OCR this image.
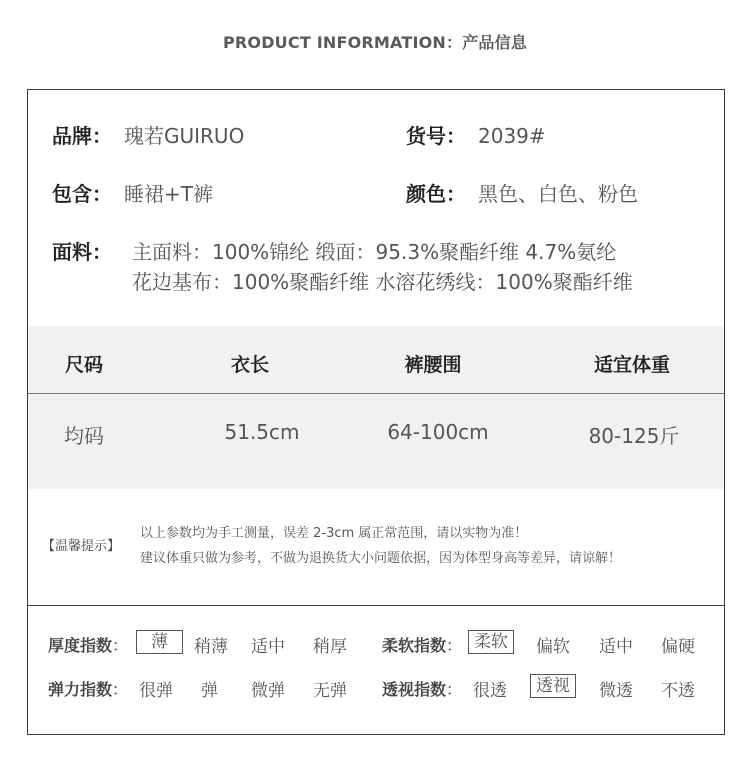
PRODUCT INFORMATION：产品信息
品牌： 瑰若GUIRUO	货号： 2039#
包含： 睡裙+T裤	颜色： 黑色、白色、粉色
面料： 主面料：100%锦纶 缎面：95.3%聚酯纤维 4.7%氨纶
花边基布：100%聚酯纤维 水溶花绣线：100%聚酯纤维
尺码	衣长	裤腰围	适宜体重
均码	51.5cm	64-100cm	80-125斤
【温馨提示】
以上参数均为手工测量，误差 2-3cm 属正常范围，请以实物为准！
建议体重只做为参考，不做为退换货大小问题依据，因为体型身高等差异，请谅解！
厚度指数：	薄	稍薄 适中 稍厚 柔软指数： 柔软	偏软 适中 偏硬
弹力指数： 很弹 弹 微弹 无弹 透视指数： 很透	透视	微透 不透
